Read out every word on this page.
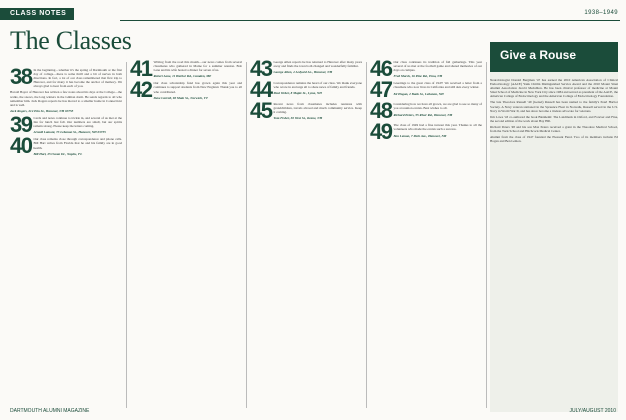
CLASS NOTES	1938–1949
The Classes
38 In the beginning—whether it's the spring of Dartmouth or the first day of college—there is some thrill and a bit of nerves in both directions. In fact, a lot of our class remembered that first trip to Hanover, and for many it has become the anchor of memory. I'm always glad to hear from each of you.
Harold Bayer of Hanover has written a few notes about his days at the College—the walks, the snows, the long winters in the Gilman dorm. He sends regards to all who remember him. Jack Rogers reports he has moved to a smaller home in Connecticut and is well.
Jack Rogers, 214 Elm St., Hanover, NH 03755
39 Cards and notes continue to trickle in, and several of us met at the Inn for lunch last fall. Our numbers are small, but our spirits remain strong. Please keep the letters coming.
Arnold Lamont, 73 Lebanon St., Hanover, NH 03755
40 Our class remains close through correspondence and phone calls. Bill Hart writes from Florida that he and his family are in good health.
Bill Hart, 25 Ocean Dr., Naples, FL
41 Writing from the road this month—our news comes from several classmates who gathered in Maine for a summer reunion. Bob Lane and his wife hosted a dinner for seven of us.
Robert Lane, 11 Harbor Rd., Camden, ME
42 Our class scholarship fund has grown again this year and continues to support students from New England. Thank you to all who contributed.
Dave Carroll, 90 Main St., Norwich, VT
43 George Allen reports he has returned to Hanover after many years away and finds the town both changed and wonderfully familiar.
George Allen, 4 Ledyard Ln., Hanover, NH
44 Correspondence remains the heart of our class. We thank everyone who wrote in and urge all to share news of family and friends.
Paul Weber, 8 Maple St., Lyme, NH
45 Recent news from classmates includes reunions with grandchildren, travels abroad and much community service. Keep it coming.
Tom Fisher, 30 West St., Keene, NH
46 Our class continues its tradition of fall gatherings. This year several of us met at the football game and shared memories of our days on campus.
Fred Marsh, 16 Pine Rd., Etna, NH
47 Greetings to the great class of 1947! We received a letter from a classmate who now lives in California and still skis every winter.
Ed Hogan, 2 Bank St., Lebanon, NH
48 Considering how we have all grown, we are glad to see so many of you at reunion events. Best wishes to all.
Richard Peters, 55 River Rd., Hanover, NH
49 The class of 1949 had a fine turnout this year. Thanks to all the volunteers who made the events such a success.
Ben Lemon, 7 Park Ave., Hanover, NH
Give a Rouse
Neurobiologist Donald Bergman '47 has earned the 2010 American Association of Clinical Endocrinology (AACE) Yank Chitlin Distinguished Service Award and the 2010 Mount Sinai Alumni Association Jacobi Medallion. He has been clinical professor of medicine at Mount Sinai School of Medicine in New York City since 1984 and served as president of the AACE, the American College of Endocrinology and the American College of Endocrinology Foundation.
The late Theodore Russell '49 (Geisel) Russell has been named to the family's Pearl Harbor Society. A Navy veteran stationed in the Spruance Fleet in Norwalk, Russell served in the U.S. Navy in World War II, and has since become a tireless advocate for veterans.
Jim Lowe '43 co-authored the book Blenheim: The Landmark in Oxford, and Forever and Fine, the second edition of the work about Bay Hill.
Richard Peters '48 and his son Max Peters received a grant in the Theodore Medical School, from the Tuck School and Hitchcock Medical Center.
Alumni from the class of 1947 founded the Pleasant Fund. Two of its members include Ed Hogan and Ben Lemon.
DARTMOUTH ALUMNI MAGAZINE	JULY/AUGUST 2010
